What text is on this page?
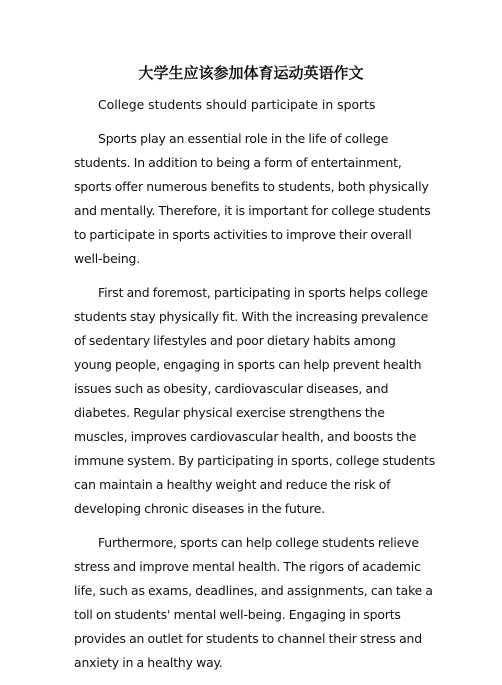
大学生应该参加体育运动英语作文

College students should participate in sports

Sports play an essential role in the life of college students. In addition to being a form of entertainment, sports offer numerous benefits to students, both physically and mentally. Therefore, it is important for college students to participate in sports activities to improve their overall well-being.

First and foremost, participating in sports helps college students stay physically fit. With the increasing prevalence of sedentary lifestyles and poor dietary habits among young people, engaging in sports can help prevent health issues such as obesity, cardiovascular diseases, and diabetes. Regular physical exercise strengthens the muscles, improves cardiovascular health, and boosts the immune system. By participating in sports, college students can maintain a healthy weight and reduce the risk of developing chronic diseases in the future.

Furthermore, sports can help college students relieve stress and improve mental health. The rigors of academic life, such as exams, deadlines, and assignments, can take a toll on students' mental well-being. Engaging in sports provides an outlet for students to channel their stress and anxiety in a healthy way.
